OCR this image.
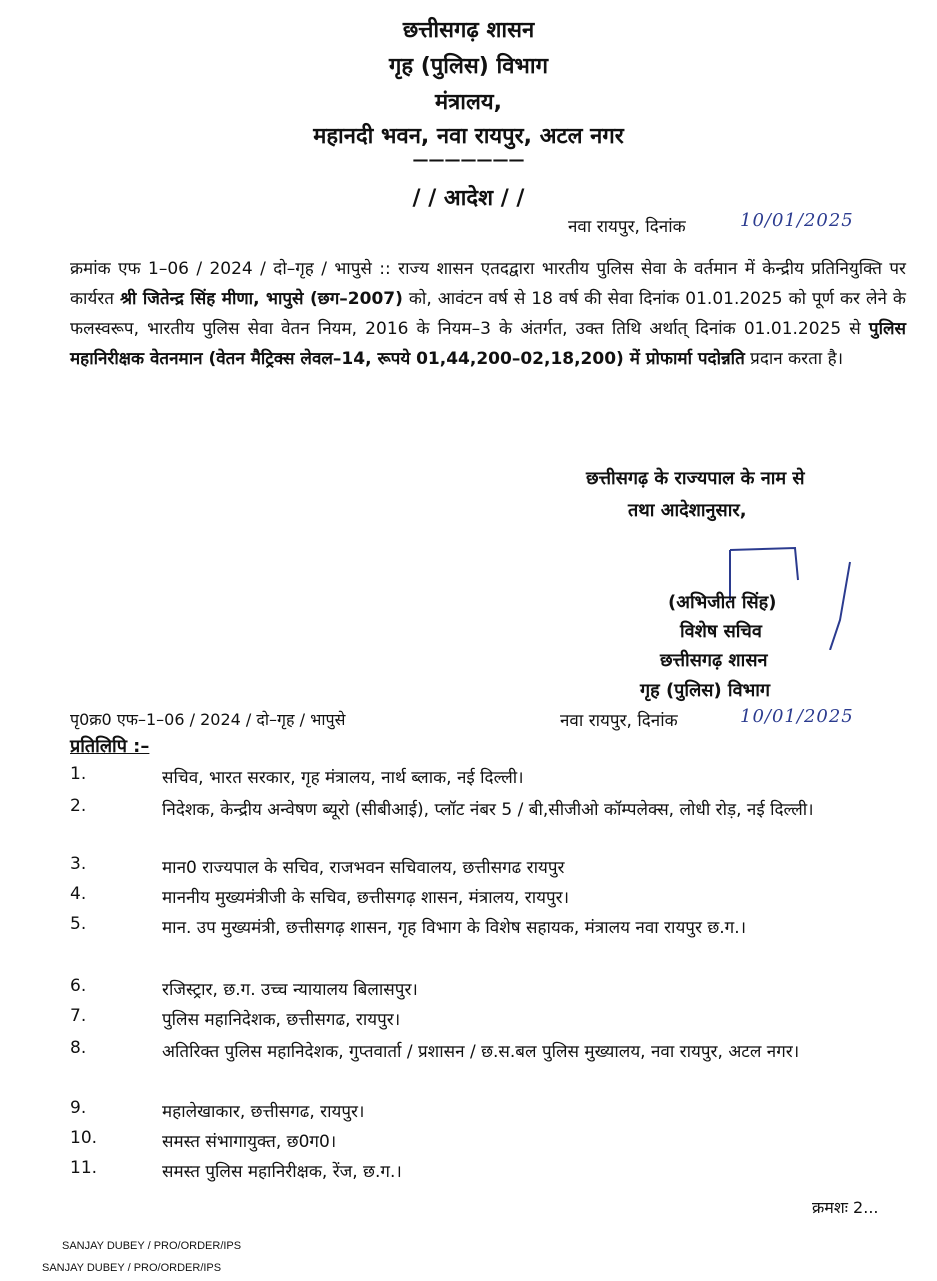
छत्तीसगढ़ शासन
गृह (पुलिस) विभाग
मंत्रालय,
महानदी भवन, नवा रायपुर, अटल नगर
———————
/ / आदेश / /
नवा रायपुर, दिनांक	10/01/2025
क्रमांक एफ 1–06 / 2024 / दो–गृह / भापुसे :: राज्य शासन एतदद्वारा भारतीय पुलिस सेवा के वर्तमान में केन्द्रीय प्रतिनियुक्ति पर कार्यरत श्री जितेन्द्र सिंह मीणा, भापुसे (छग–2007) को, आवंटन वर्ष से 18 वर्ष की सेवा दिनांक 01.01.2025 को पूर्ण कर लेने के फलस्वरूप, भारतीय पुलिस सेवा वेतन नियम, 2016 के नियम–3 के अंतर्गत, उक्त तिथि अर्थात् दिनांक 01.01.2025 से पुलिस महानिरीक्षक वेतनमान (वेतन मैट्रिक्स लेवल–14, रूपये 01,44,200–02,18,200) में प्रोफार्मा पदोन्नति प्रदान करता है।
छत्तीसगढ़ के राज्यपाल के नाम से
तथा आदेशानुसार,
(अभिजीत सिंह)
विशेष सचिव
छत्तीसगढ़ शासन
गृह (पुलिस) विभाग
पृ0क्र0 एफ–1–06 / 2024 / दो–गृह / भापुसे	नवा रायपुर, दिनांक	10/01/2025
प्रतिलिपि :–
1.	सचिव, भारत सरकार, गृह मंत्रालय, नार्थ ब्लाक, नई दिल्ली।
2.	निदेशक, केन्द्रीय अन्वेषण ब्यूरो (सीबीआई), प्लॉट नंबर 5 / बी,सीजीओ कॉम्पलेक्स, लोधी रोड़, नई दिल्ली।
3.	मान0 राज्यपाल के सचिव, राजभवन सचिवालय, छत्तीसगढ रायपुर
4.	माननीय मुख्यमंत्रीजी के सचिव, छत्तीसगढ़ शासन, मंत्रालय, रायपुर।
5.	मान. उप मुख्यमंत्री, छत्तीसगढ़ शासन, गृह विभाग के विशेष सहायक, मंत्रालय नवा रायपुर छ.ग.।
6.	रजिस्ट्रार, छ.ग. उच्च न्यायालय बिलासपुर।
7.	पुलिस महानिदेशक, छत्तीसगढ, रायपुर।
8.	अतिरिक्त पुलिस महानिदेशक, गुप्तवार्ता / प्रशासन / छ.स.बल पुलिस मुख्यालय, नवा रायपुर, अटल नगर।
9.	महालेखाकार, छत्तीसगढ, रायपुर।
10.	समस्त संभागायुक्त, छ0ग0।
11.	समस्त पुलिस महानिरीक्षक, रेंज, छ.ग.।
क्रमशः 2...
SANJAY DUBEY / PRO/ORDER/IPS
SANJAY DUBEY / PRO/ORDER/IPS
